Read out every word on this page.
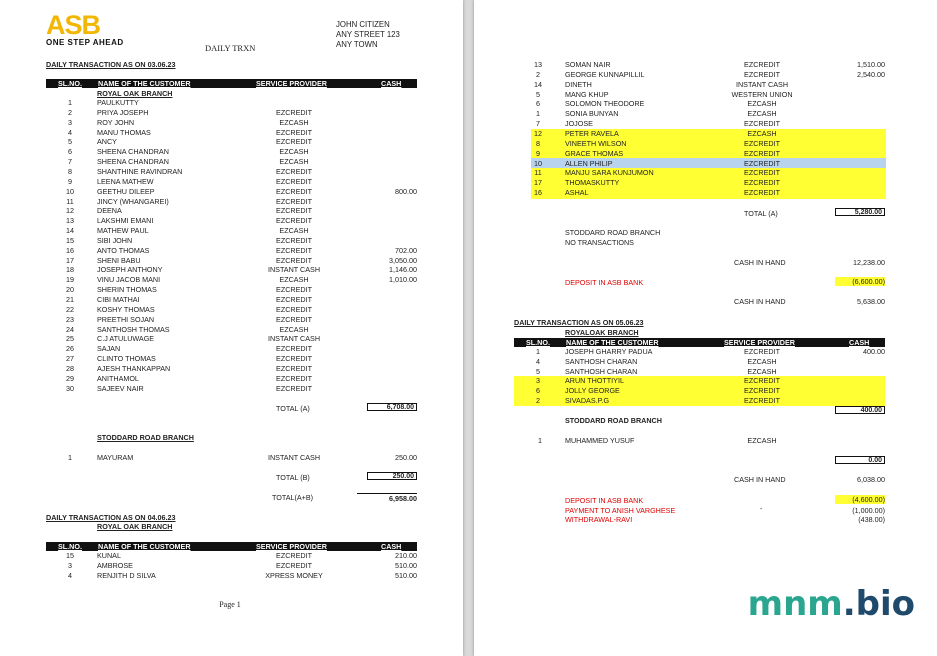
ASB
ONE STEP AHEAD
DAILY TRXN
JOHN CITIZEN
ANY STREET 123
ANY TOWN
DAILY TRANSACTION AS ON 03.06.23
SL.NO. NAME OF THE CUSTOMER	SERVICE PROVIDER	CASH
ROYAL OAK BRANCH
1	PAULKUTTY
2	PRIYA JOSEPH	EZCREDIT
3	ROY JOHN	EZCASH
4	MANU THOMAS	EZCREDIT
5	ANCY	EZCREDIT
6	SHEENA CHANDRAN	EZCASH
7	SHEENA CHANDRAN	EZCASH
8	SHANTHINE RAVINDRAN	EZCREDIT
9	LEENA MATHEW	EZCREDIT
10	GEETHU DILEEP	EZCREDIT	800.00
11	JINCY (WHANGAREI)	EZCREDIT
12	DEENA	EZCREDIT
13	LAKSHMI EMANI	EZCREDIT
14	MATHEW PAUL	EZCASH
15	SIBI JOHN	EZCREDIT
16	ANTO THOMAS	EZCREDIT	702.00
17	SHENI BABU	EZCREDIT	3,050.00
18	JOSEPH ANTHONY	INSTANT CASH	1,146.00
19	VINU JACOB MANI	EZCASH	1,010.00
20	SHERIN THOMAS	EZCREDIT
21	CIBI MATHAI	EZCREDIT
22	KOSHY THOMAS	EZCREDIT
23	PREETHI SOJAN	EZCREDIT
24	SANTHOSH THOMAS	EZCASH
25	C.J ATULUWAGE	INSTANT CASH
26	SAJAN	EZCREDIT
27	CLINTO THOMAS	EZCREDIT
28	AJESH THANKAPPAN	EZCREDIT
29	ANITHAMOL	EZCREDIT
30	SAJEEV NAIR	EZCREDIT
TOTAL (A)	6,708.00
STODDARD ROAD BRANCH
1	MAYURAM	INSTANT CASH	250.00
TOTAL (B)	250.00
TOTAL(A+B)	6,958.00
DAILY TRANSACTION AS ON 04.06.23
ROYAL OAK BRANCH
SL.NO. NAME OF THE CUSTOMER	SERVICE PROVIDER	CASH
15	KUNAL	EZCREDIT	210.00
3	AMBROSE	EZCREDIT	510.00
4	RENJITH D SILVA	XPRESS MONEY	510.00
Page 1
13	SOMAN NAIR	EZCREDIT	1,510.00
2	GEORGE KUNNAPILLIL	EZCREDIT	2,540.00
14	DINETH	INSTANT CASH
5	MANG KHUP	WESTERN UNION
6	SOLOMON THEODORE	EZCASH
1	SONIA BUNYAN	EZCASH
7	JOJOSE	EZCREDIT
12	PETER RAVELA	EZCASH
8	VINEETH WILSON	EZCREDIT
9	GRACE THOMAS	EZCREDIT
10	ALLEN PHILIP	EZCREDIT
11	MANJU SARA KUNJUMON	EZCREDIT
17	THOMASKUTTY	EZCREDIT
16	ASHAL	EZCREDIT
TOTAL (A)	5,280.00
STODDARD ROAD BRANCH
NO TRANSACTIONS
CASH IN HAND	12,238.00
DEPOSIT IN ASB BANK	(6,600.00)
CASH IN HAND	5,638.00
DAILY TRANSACTION AS ON 05.06.23
ROYALOAK BRANCH
SL.NO. NAME OF THE CUSTOMER	SERVICE PROVIDER	CASH
1	JOSEPH GHARRY PADUA	EZCREDIT	400.00
4	SANTHOSH CHARAN	EZCASH
5	SANTHOSH CHARAN	EZCASH
3	ARUN THOTTIYIL	EZCREDIT
6	JOLLY GEORGE	EZCREDIT
2	SIVADAS.P.G	EZCREDIT
400.00
STODDARD ROAD BRANCH
1	MUHAMMED YUSUF	EZCASH
0.00
CASH IN HAND	6,038.00
DEPOSIT IN ASB BANK	(4,600.00)
PAYMENT TO ANISH VARGHESE	-	(1,000.00)
WITHDRAWAL-RAVI	(438.00)
mnm.bio
